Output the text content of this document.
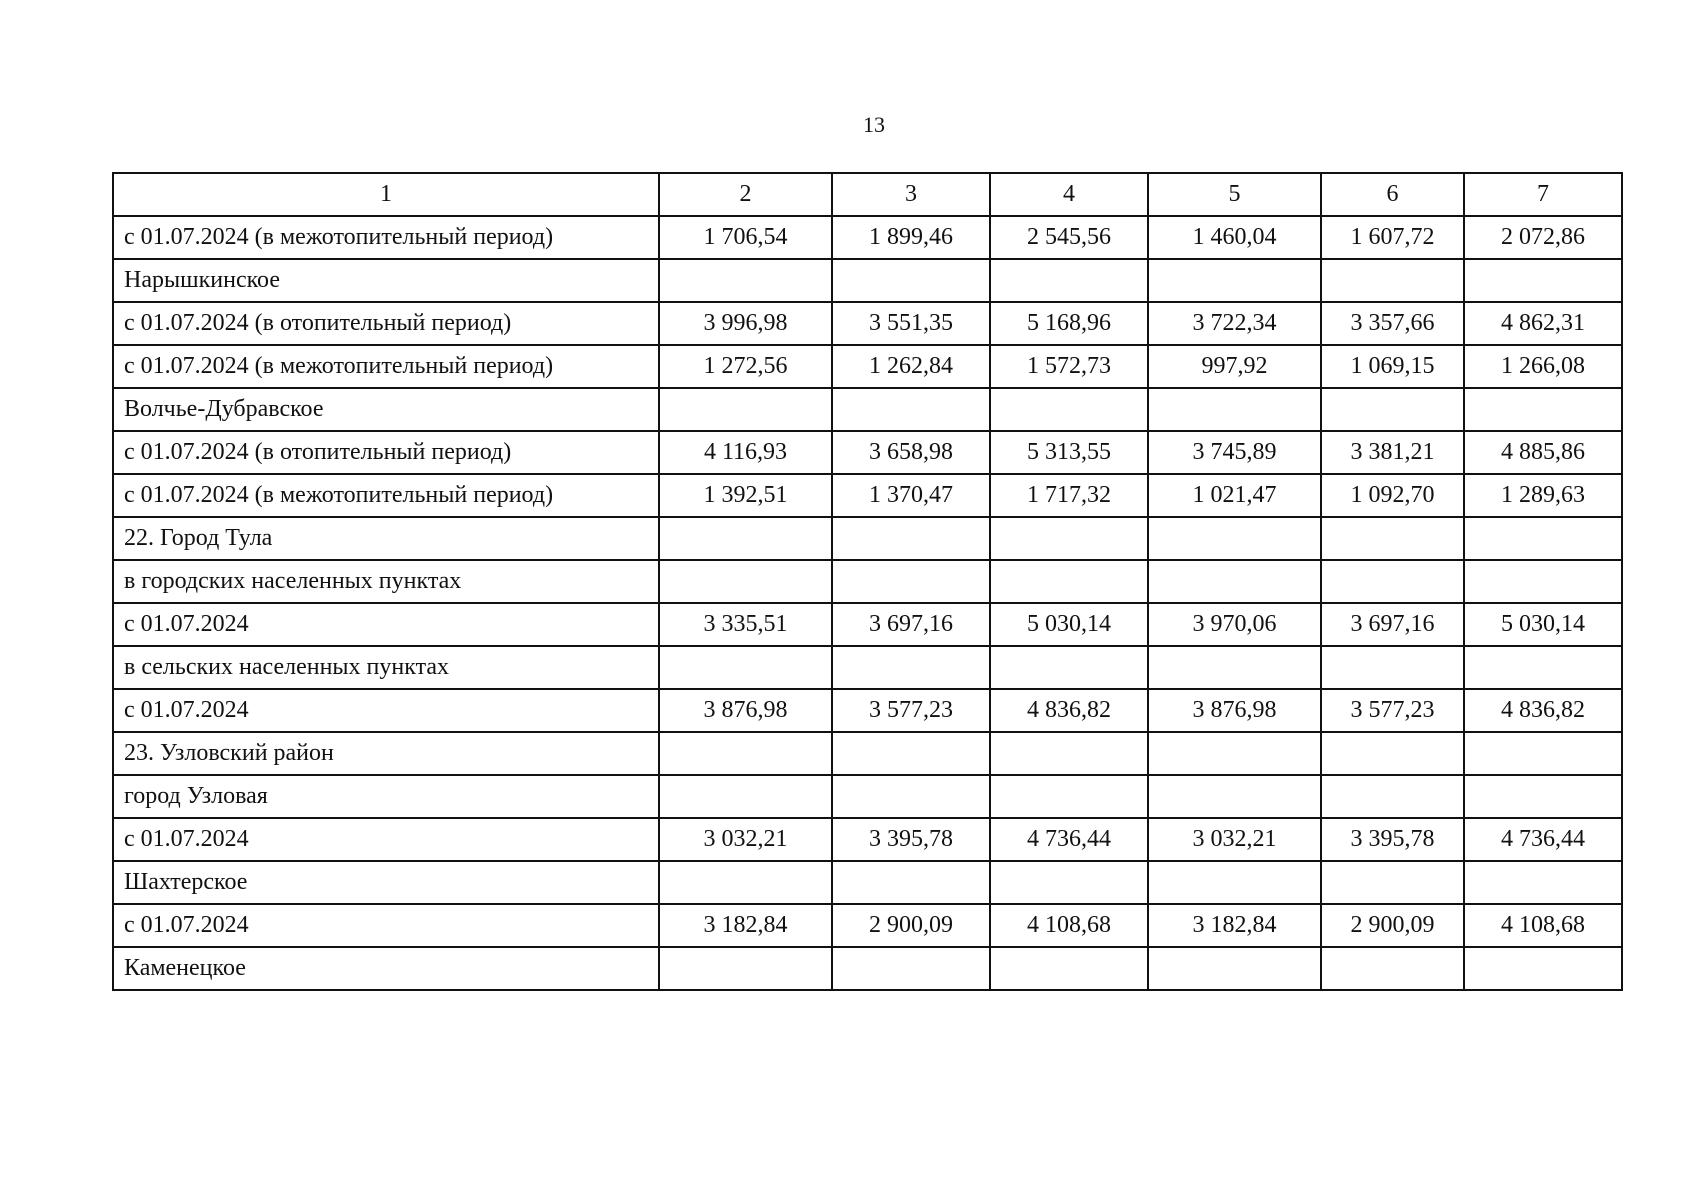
13
1	2	3	4	5	6	7
с 01.07.2024 (в межотопительный период)	1 706,54	1 899,46	2 545,56	1 460,04	1 607,72	2 072,86
Нарышкинское						
с 01.07.2024 (в отопительный период)	3 996,98	3 551,35	5 168,96	3 722,34	3 357,66	4 862,31
с 01.07.2024 (в межотопительный период)	1 272,56	1 262,84	1 572,73	997,92	1 069,15	1 266,08
Волчье-Дубравское						
с 01.07.2024 (в отопительный период)	4 116,93	3 658,98	5 313,55	3 745,89	3 381,21	4 885,86
с 01.07.2024 (в межотопительный период)	1 392,51	1 370,47	1 717,32	1 021,47	1 092,70	1 289,63
22. Город Тула						
в городских населенных пунктах						
с 01.07.2024	3 335,51	3 697,16	5 030,14	3 970,06	3 697,16	5 030,14
в сельских населенных пунктах						
с 01.07.2024	3 876,98	3 577,23	4 836,82	3 876,98	3 577,23	4 836,82
23. Узловский район						
город Узловая						
с 01.07.2024	3 032,21	3 395,78	4 736,44	3 032,21	3 395,78	4 736,44
Шахтерское						
с 01.07.2024	3 182,84	2 900,09	4 108,68	3 182,84	2 900,09	4 108,68
Каменецкое						
